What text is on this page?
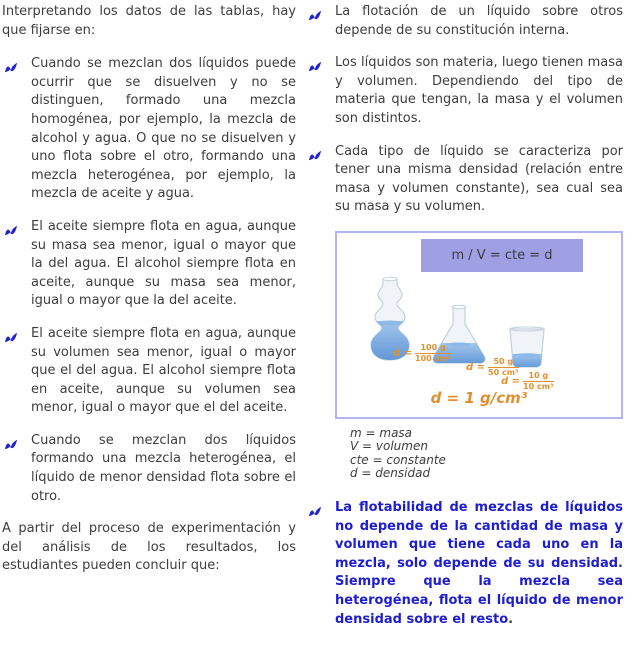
Interpretando los datos de las tablas, hay que fijarse en:

Cuando se mezclan dos líquidos puede ocurrir que se disuelven y no se distinguen, formado una mezcla homogénea, por ejemplo, la mezcla de alcohol y agua. O que no se disuelven y uno flota sobre el otro, formando una mezcla heterogénea, por ejemplo, la mezcla de aceite y agua.

El aceite siempre flota en agua, aunque su masa sea menor, igual o mayor que la del agua. El alcohol siempre flota en aceite, aunque su masa sea menor, igual o mayor que la del aceite.

El aceite siempre flota en agua, aunque su volumen sea menor, igual o mayor que el del agua. El alcohol siempre flota en aceite, aunque su volumen sea menor, igual o mayor que el del aceite.

Cuando se mezclan dos líquidos formando una mezcla heterogénea, el líquido de menor densidad flota sobre el otro.

A partir del proceso de experimentación y del análisis de los resultados, los estudiantes pueden concluir que:

La flotación de un líquido sobre otros depende de su constitución interna.

Los líquidos son materia, luego tienen masa y volumen. Dependiendo del tipo de materia que tengan, la masa y el volumen son distintos.

Cada tipo de líquido se caracteriza por tener una misma densidad (relación entre masa y volumen constante), sea cual sea su masa y su volumen.

m / V = cte = d
$d = \frac{100 g}{\text{100 cm³}}$
$d = \frac{50 g}{\text{50 cm³}}$
$d = \frac{10 g}{\text{10 cm³}}$
d = 1 g/cm³
m = masa
V = volumen
cte = constante
d = densidad

La flotabilidad de mezclas de líquidos no depende de la cantidad de masa y volumen que tiene cada uno en la mezcla, solo depende de su densidad. Siempre que la mezcla sea heterogénea, flota el líquido de menor densidad sobre el resto.
